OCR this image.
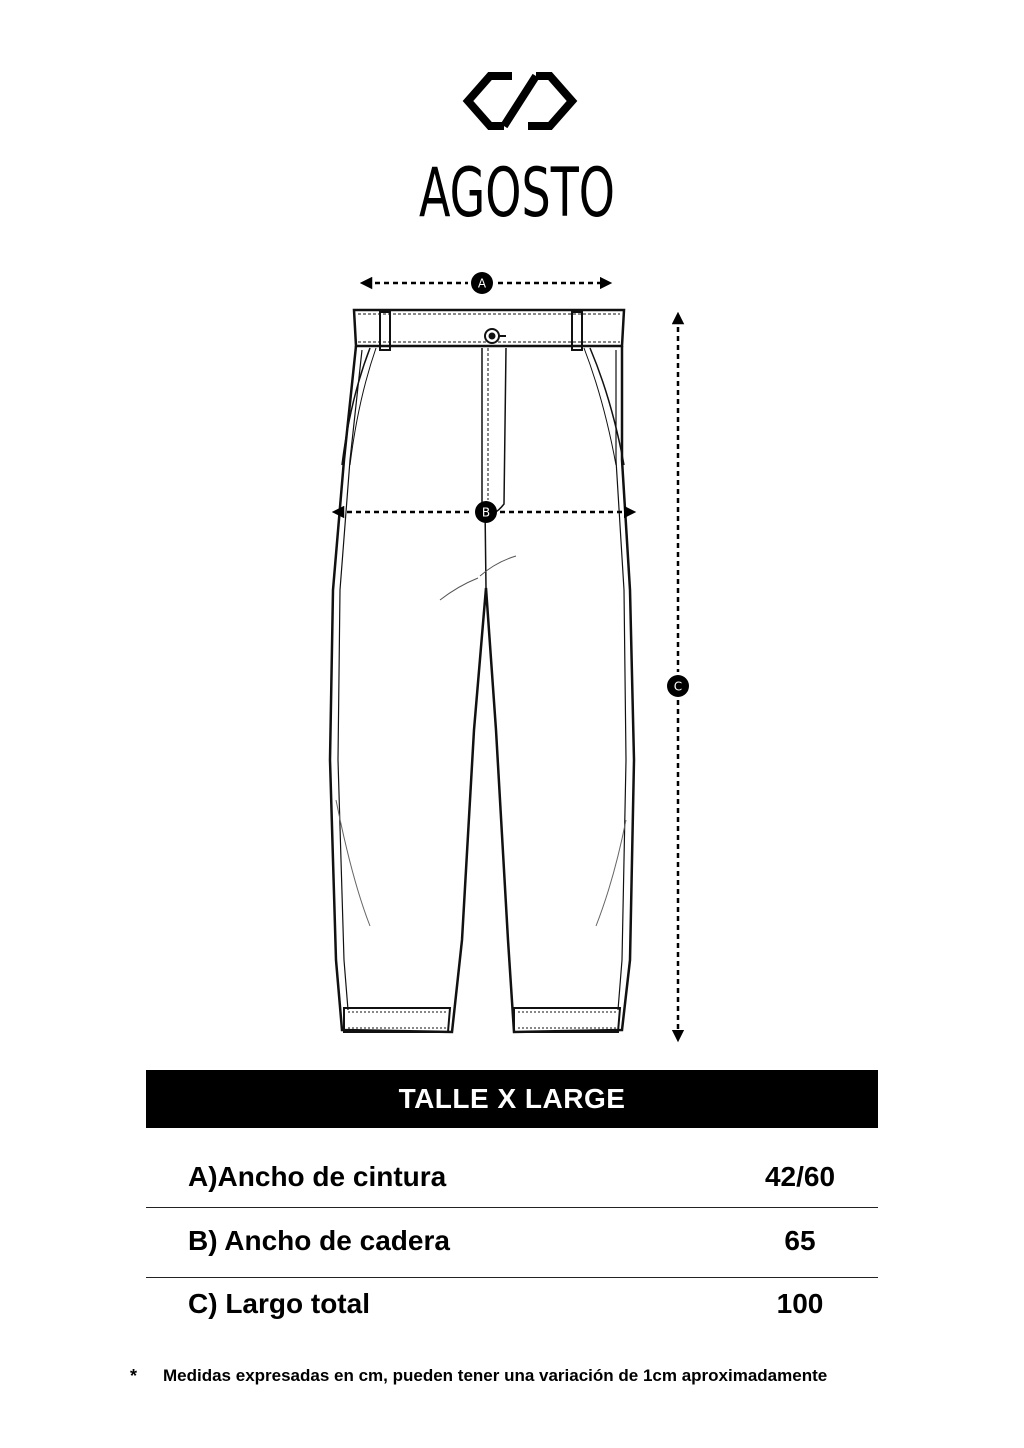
AGOSTO
A
B
C
TALLE X LARGE
A)Ancho de cintura	42/60
B) Ancho de cadera	65
C) Largo total	100
* Medidas expresadas en cm, pueden tener una variación de 1cm aproximadamente
